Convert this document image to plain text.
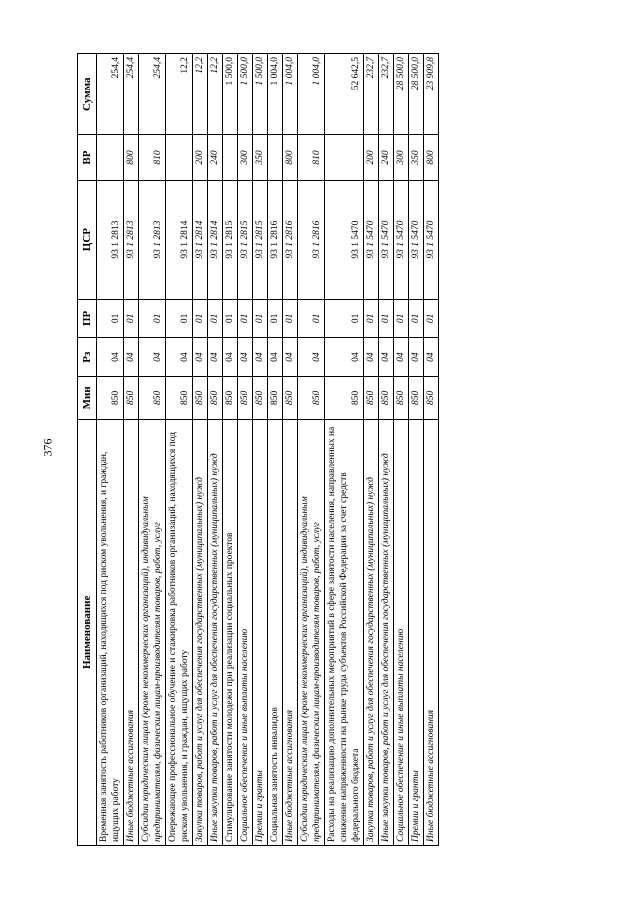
376
Наименование	Мин	Рз	ПР	ЦСР	ВР	Сумма
Временная занятость работников организаций, находящихся под риском увольнения, и граждан, ищущих работу	850	04	01	93 1 2813		254,4
Иные бюджетные ассигнования	850	04	01	93 1 2813	800	254,4
Субсидии юридическим лицам (кроме некоммерческих организаций), индивидуальным предпринимателям, физическим лицам-производителям товаров, работ, услуг	850	04	01	93 1 2813	810	254,4
Опережающее профессиональное обучение и стажировка работников организаций, находящихся под риском увольнения, и граждан, ищущих работу	850	04	01	93 1 2814		12,2
Закупка товаров, работ и услуг для обеспечения государственных (муниципальных) нужд	850	04	01	93 1 2814	200	12,2
Иные закупки товаров, работ и услуг для обеспечения государственных (муниципальных) нужд	850	04	01	93 1 2814	240	12,2
Стимулирование занятости молодежи при реализации социальных проектов	850	04	01	93 1 2815		1 500,0
Социальное обеспечение и иные выплаты населению	850	04	01	93 1 2815	300	1 500,0
Премии и гранты	850	04	01	93 1 2815	350	1 500,0
Социальная занятость инвалидов	850	04	01	93 1 2816		1 004,0
Иные бюджетные ассигнования	850	04	01	93 1 2816	800	1 004,0
Субсидии юридическим лицам (кроме некоммерческих организаций), индивидуальным предпринимателям, физическим лицам-производителям товаров, работ, услуг	850	04	01	93 1 2816	810	1 004,0
Расходы на реализацию дополнительных мероприятий в сфере занятости населения, направленных на снижение напряженности на рынке труда субъектов Российской Федерации за счет средств федерального бюджета	850	04	01	93 1 5470		52 642,5
Закупка товаров, работ и услуг для обеспечения государственных (муниципальных) нужд	850	04	01	93 1 5470	200	232,7
Иные закупки товаров, работ и услуг для обеспечения государственных (муниципальных) нужд	850	04	01	93 1 5470	240	232,7
Социальное обеспечение и иные выплаты населению	850	04	01	93 1 5470	300	28 500,0
Премии и гранты	850	04	01	93 1 5470	350	28 500,0
Иные бюджетные ассигнования	850	04	01	93 1 5470	800	23 909,8
